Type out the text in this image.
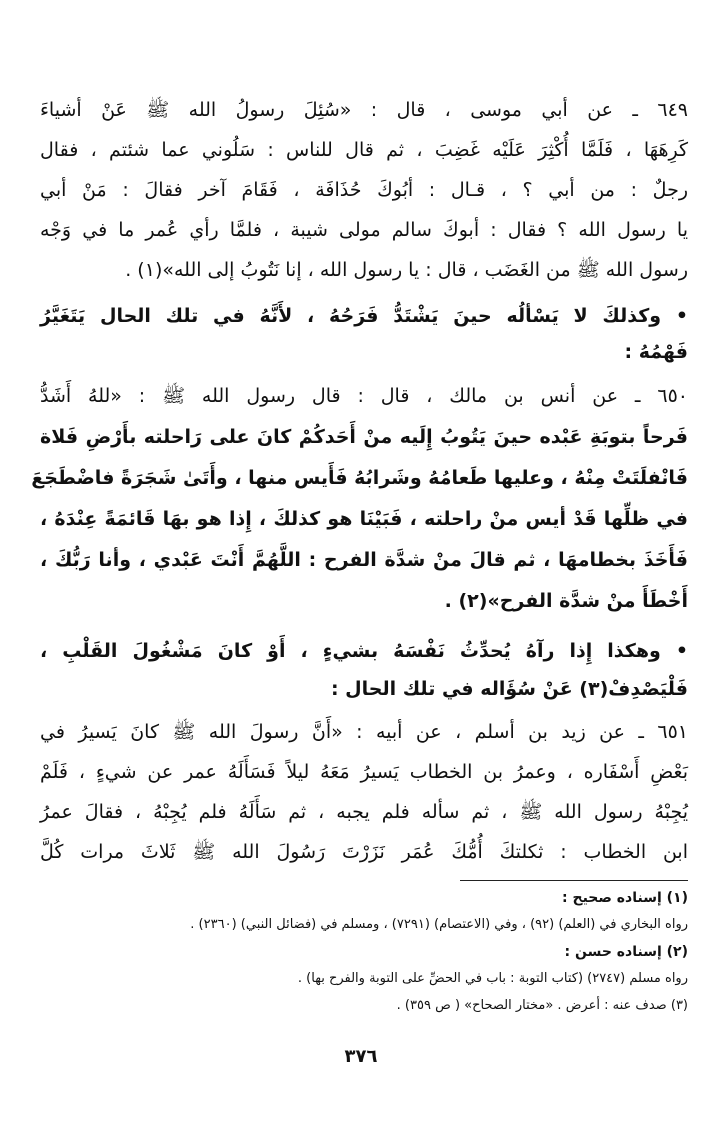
٦٤٩ ـ عن أبي موسى ، قال : «سُئِلَ رسولُ الله ﷺ عَنْ أشياءَ
كَرِهَهَا ، فَلَمَّا أُكْثِرَ عَلَيْه غَضِبَ ، ثم قال للناس : سَلُوني عما شئتم ، فقال
رجلٌ : من أبي ؟ ، قـال : أبُوكَ حُذَافَة ، فَقَامَ آخر فقالَ : مَنْ أبي
يا رسول الله ؟ فقال : أبوكَ سالم مولى شيبة ، فلمَّا رأي عُمر ما في وَجْه
رسول الله ﷺ من الغَضَب ، قال : يا رسول الله ، إنا نَتُوبُ إلى الله»(١) .
• وكذلكَ لا يَسْألُه حينَ يَشْتَدُّ فَرَحُهُ ، لأَنَّهُ في تلك الحال يَتَغَيَّرُ
فَهْمُهُ :
٦٥٠ ـ عن أنس بن مالك ، قال : قال رسول الله ﷺ : «للهُ أَشَدُّ
فَرحاً بتوبَةِ عَبْده حينَ يَتُوبُ إِلَيه منْ أَحَدكُمْ كانَ على رَاحلته بأَرْضِ فَلاة
فَانْفلَتَتْ مِنْهُ ، وعليها طَعامُهُ وشَرابُهُ فَأَيس منها ، وأَتَىٰ شَجَرَةً فاضْطَجَعَ
في ظلِّها قَدْ أيس منْ راحلته ، فَبَيْنَا هو كذلكَ ، إِذا هو بهَا قَائمَةً عِنْدَهُ ،
فَأَخَذَ بخطامهَا ، ثم قالَ منْ شدَّة الفرح : اللَّهُمَّ أَنْتَ عَبْدي ، وأنا رَبُّكَ ،
أَخْطَأَ منْ شدَّة الفرح»(٢) .
• وهكذا إِذا رآهُ يُحدِّثُ نَفْسَهُ بشيءٍ ، أَوْ كانَ مَشْغُولَ القَلْبِ ،
فَلْيَصْدِفْ(٣) عَنْ سُؤَاله في تلك الحال :
٦٥١ ـ عن زيد بن أسلم ، عن أبيه : «أَنَّ رسولَ الله ﷺ كانَ يَسيرُ في
بَعْضِ أَسْفَاره ، وعمرُ بن الخطاب يَسيرُ مَعَهُ ليلاً فَسَأَلَهُ عمر عن شيءٍ ، فَلَمْ
يُجِبْهُ رسول الله ﷺ ، ثم سأله فلم يجبه ، ثم سَأَلَهُ فلم يُجِبْهُ ، فقالَ عمرُ
ابن الخطاب : ثكلتكَ أُمُّكَ عُمَر نَزَرْتَ رَسُولَ الله ﷺ ثَلاثَ مرات كُلَّ
(١) إسناده صحيح :
رواه البخاري في (العلم) (٩٢) ، وفي (الاعتصام) (٧٢٩١) ، ومسلم في (فضائل النبي) (٢٣٦٠) .
(٢) إسناده حسن :
رواه مسلم (٢٧٤٧) (كتاب التوبة : باب في الحضِّ على التوبة والفرح بها) .
(٣) صدف عنه : أعرض . «مختار الصحاح» ( ص ٣٥٩) .
٣٧٦
